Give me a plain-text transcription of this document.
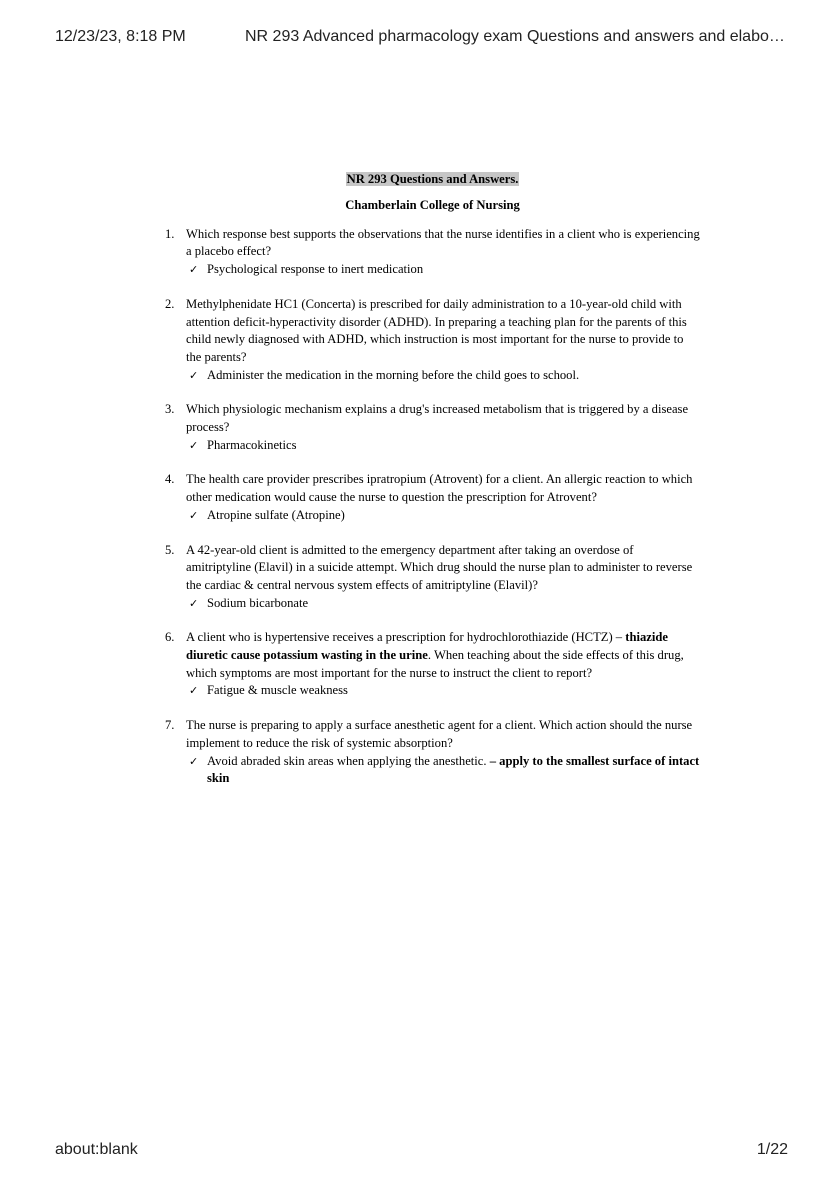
12/23/23, 8:18 PM	NR 293 Advanced pharmacology exam Questions and answers and elabo…

NR 293 Questions and Answers.

Chamberlain College of Nursing

1. Which response best supports the observations that the nurse identifies in a client who is experiencing a placebo effect?
✓ Psychological response to inert medication
2. Methylphenidate HC1 (Concerta) is prescribed for daily administration to a 10-year-old child with attention deficit-hyperactivity disorder (ADHD). In preparing a teaching plan for the parents of this child newly diagnosed with ADHD, which instruction is most important for the nurse to provide to the parents?
✓ Administer the medication in the morning before the child goes to school.
3. Which physiologic mechanism explains a drug's increased metabolism that is triggered by a disease process?
✓ Pharmacokinetics
4. The health care provider prescribes ipratropium (Atrovent) for a client. An allergic reaction to which other medication would cause the nurse to question the prescription for Atrovent?
✓ Atropine sulfate (Atropine)
5. A 42-year-old client is admitted to the emergency department after taking an overdose of amitriptyline (Elavil) in a suicide attempt. Which drug should the nurse plan to administer to reverse the cardiac & central nervous system effects of amitriptyline (Elavil)?
✓ Sodium bicarbonate
6. A client who is hypertensive receives a prescription for hydrochlorothiazide (HCTZ) – thiazide diuretic cause potassium wasting in the urine. When teaching about the side effects of this drug, which symptoms are most important for the nurse to instruct the client to report?
✓ Fatigue & muscle weakness
7. The nurse is preparing to apply a surface anesthetic agent for a client. Which action should the nurse implement to reduce the risk of systemic absorption?
✓ Avoid abraded skin areas when applying the anesthetic. – apply to the smallest surface of intact skin
about:blank	1/22
